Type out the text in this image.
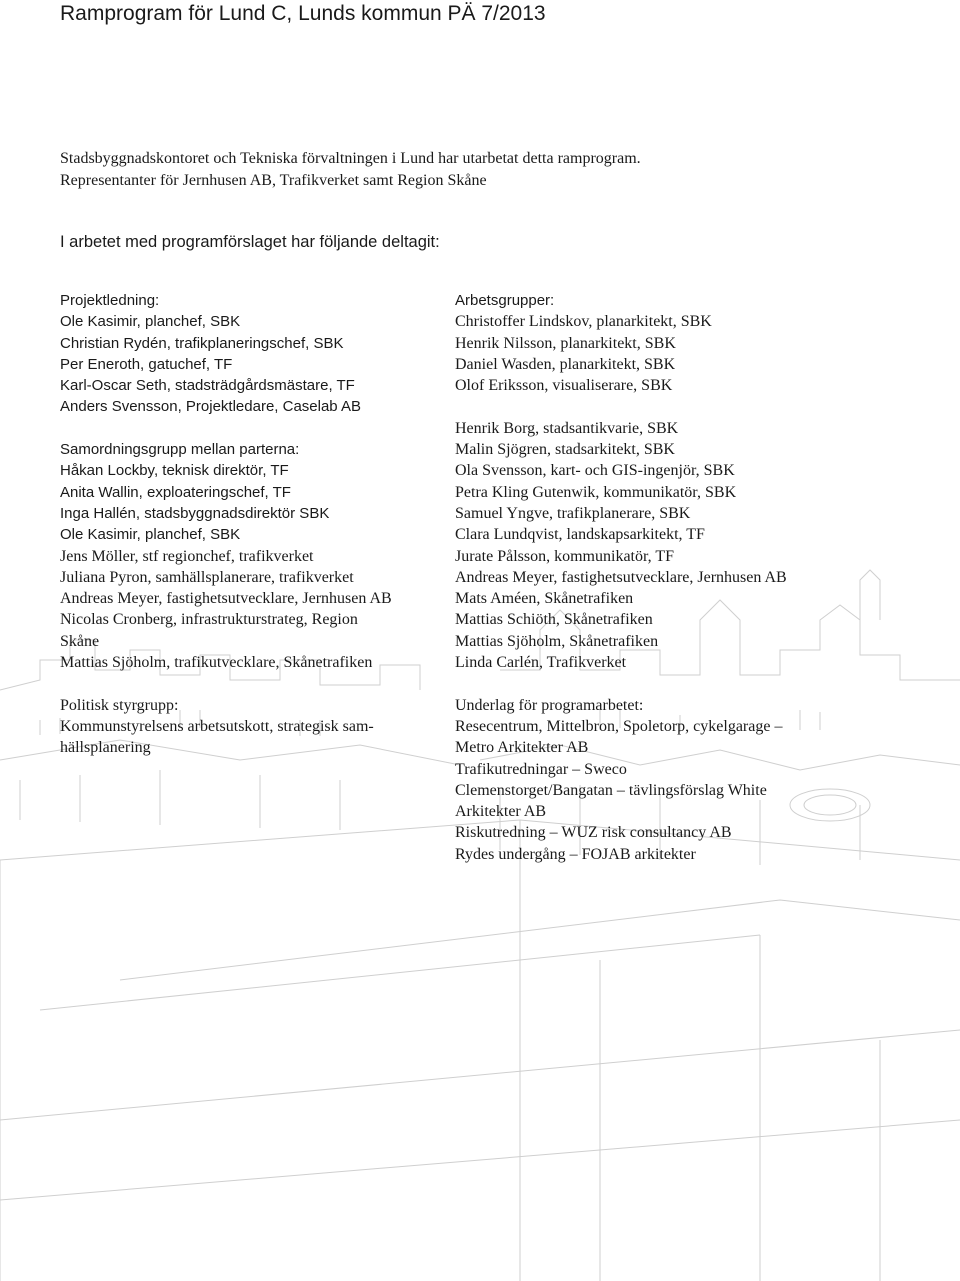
Ramprogram för Lund C, Lunds kommun PÄ 7/2013
Stadsbyggnadskontoret och Tekniska förvaltningen i Lund har utarbetat detta ramprogram.
Representanter för Jernhusen AB, Trafikverket samt Region Skåne
I arbetet med programförslaget har följande deltagit:
Projektledning:
Ole Kasimir, planchef, SBK
Christian Rydén, trafikplaneringschef, SBK
Per Eneroth, gatuchef, TF
Karl-Oscar Seth, stadsträdgårdsmästare, TF
Anders Svensson, Projektledare, Caselab AB
Samordningsgrupp mellan parterna:
Håkan Lockby, teknisk direktör, TF
Anita Wallin, exploateringschef, TF
Inga Hallén, stadsbyggnadsdirektör SBK
Ole Kasimir, planchef, SBK
Jens Möller, stf regionchef, trafikverket
Juliana Pyron, samhällsplanerare, trafikverket
Andreas Meyer, fastighetsutvecklare, Jernhusen AB
Nicolas Cronberg, infrastrukturstrateg, Region
Skåne
Mattias Sjöholm, trafikutvecklare, Skånetrafiken
Politisk styrgrupp:
Kommunstyrelsens arbetsutskott, strategisk sam-
hällsplanering
Arbetsgrupper:
Christoffer Lindskov, planarkitekt, SBK
Henrik Nilsson, planarkitekt, SBK
Daniel Wasden, planarkitekt, SBK
Olof Eriksson, visualiserare, SBK
Henrik Borg, stadsantikvarie, SBK
Malin Sjögren, stadsarkitekt, SBK
Ola Svensson, kart- och GIS-ingenjör, SBK
Petra Kling Gutenwik, kommunikatör, SBK
Samuel Yngve, trafikplanerare, SBK
Clara Lundqvist, landskapsarkitekt, TF
Jurate Pålsson, kommunikatör, TF
Andreas Meyer, fastighetsutvecklare, Jernhusen AB
Mats Améen, Skånetrafiken
Mattias Schiöth, Skånetrafiken
Mattias Sjöholm, Skånetrafiken
Linda Carlén, Trafikverket
Underlag för programarbetet:
Resecentrum, Mittelbron, Spoletorp, cykelgarage –
Metro Arkitekter AB
Trafikutredningar – Sweco
Clemenstorget/Bangatan – tävlingsförslag White
Arkitekter AB
Riskutredning – WUZ risk consultancy AB
Rydes undergång – FOJAB arkitekter
